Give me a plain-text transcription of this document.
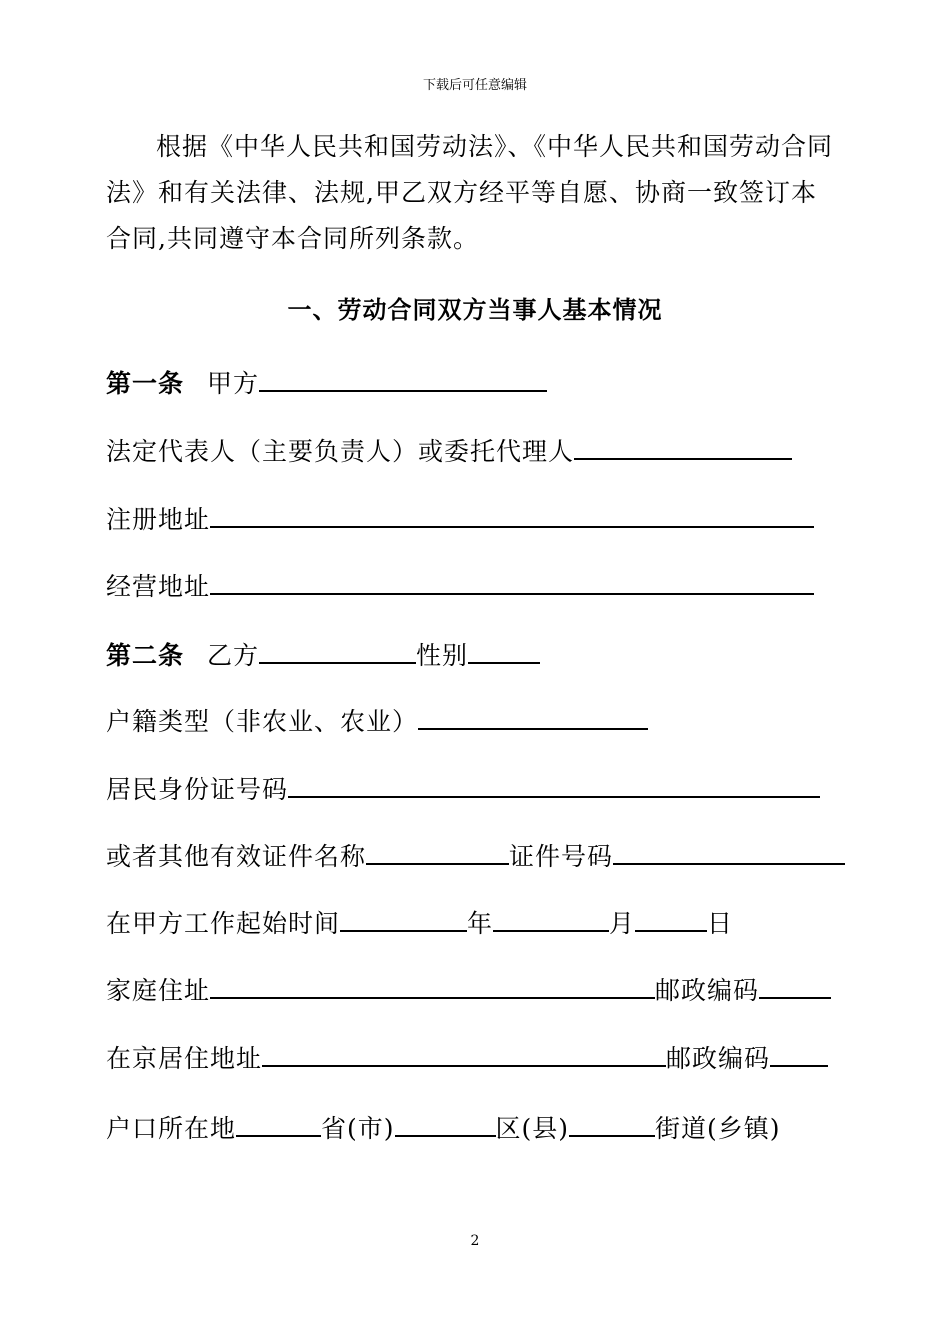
下载后可任意编辑
根据《中华人民共和国劳动法》、《中华人民共和国劳动合同法》和有关法律、法规,甲乙双方经平等自愿、协商一致签订本合同,共同遵守本合同所列条款。
一、劳动合同双方当事人基本情况
第一条 甲方
法定代表人（主要负责人）或委托代理人
注册地址
经营地址
第二条 乙方	性别
户籍类型（非农业、农业）
居民身份证号码
或者其他有效证件名称	证件号码
在甲方工作起始时间	年	月	日
家庭住址	邮政编码
在京居住地址	邮政编码
户口所在地	省(市)	区(县)	街道(乡镇)
2
